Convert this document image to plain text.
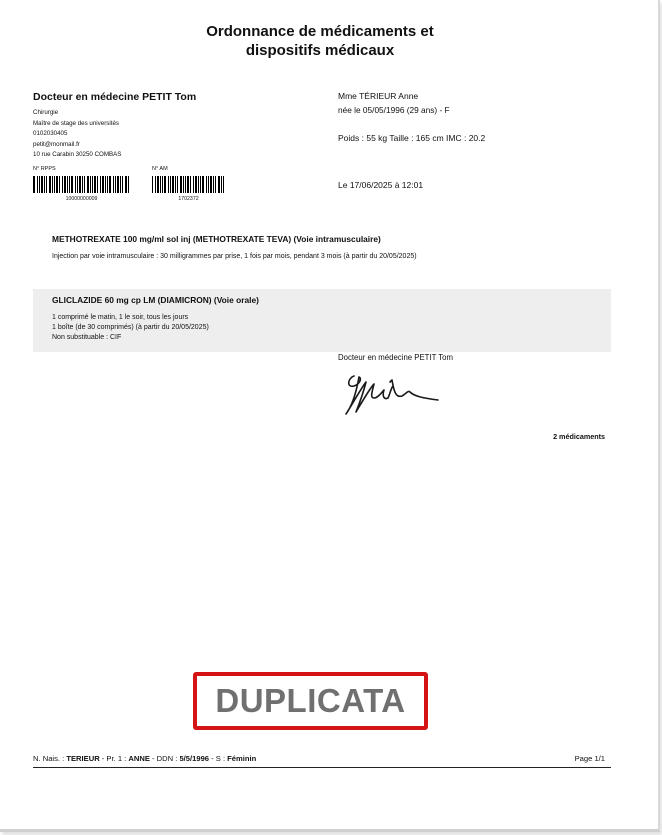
Ordonnance de médicaments et
dispositifs médicaux
Docteur en médecine PETIT Tom
Chirurgie
Maître de stage des universités
0102030405
petit@monmail.fr
10 rue Carabin 30250 COMBAS
N° RPPS
10000000009
N° AM
1702372
Mme TÉRIEUR Anne
née le 05/05/1996 (29 ans) - F
Poids : 55 kg Taille : 165 cm IMC : 20.2
Le 17/06/2025 à 12:01
METHOTREXATE 100 mg/ml sol inj (METHOTREXATE TEVA) (Voie intramusculaire)
Injection par voie intramusculaire : 30 milligrammes par prise, 1 fois par mois, pendant 3 mois (à partir du 20/05/2025)
GLICLAZIDE 60 mg cp LM (DIAMICRON) (Voie orale)
1 comprimé le matin, 1 le soir, tous les jours
1 boîte (de 30 comprimés) (à partir du 20/05/2025)
Non substituable : CIF
Docteur en médecine PETIT Tom
2 médicaments
DUPLICATA
N. Nais. : TERIEUR - Pr. 1 : ANNE - DDN : 5/5/1996 - S : Féminin	Page 1/1
